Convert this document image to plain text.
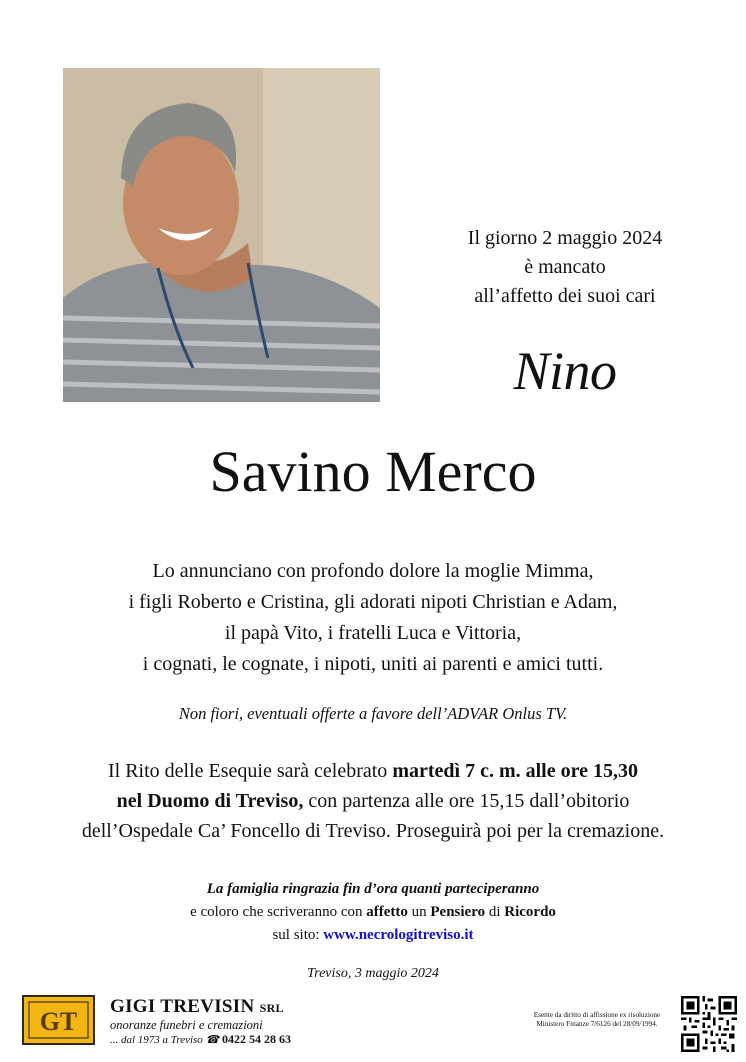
Il giorno 2 maggio 2024
è mancato
all’affetto dei suoi cari
Nino
Savino Merco
Lo annunciano con profondo dolore la moglie Mimma,
i figli Roberto e Cristina, gli adorati nipoti Christian e Adam,
il papà Vito, i fratelli Luca e Vittoria,
i cognati, le cognate, i nipoti, uniti ai parenti e amici tutti.
Non fiori, eventuali offerte a favore dell’ADVAR Onlus TV.
Il Rito delle Esequie sarà celebrato martedì 7 c. m. alle ore 15,30
nel Duomo di Treviso, con partenza alle ore 15,15 dall’obitorio
dell’Ospedale Ca’ Foncello di Treviso. Proseguirà poi per la cremazione.
La famiglia ringrazia fin d’ora quanti parteciperanno
e coloro che scriveranno con affetto un Pensiero di Ricordo
sul sito: www.necrologitreviso.it
Treviso, 3 maggio 2024
GT
GIGI TREVISIN SRL
onoranze funebri e cremazioni
... dal 1973 a Treviso ☎ 0422 54 28 63
Esente da diritto di affissione ex risoluzione
Ministero Finanze 7/6126 del 28/09/1994.
